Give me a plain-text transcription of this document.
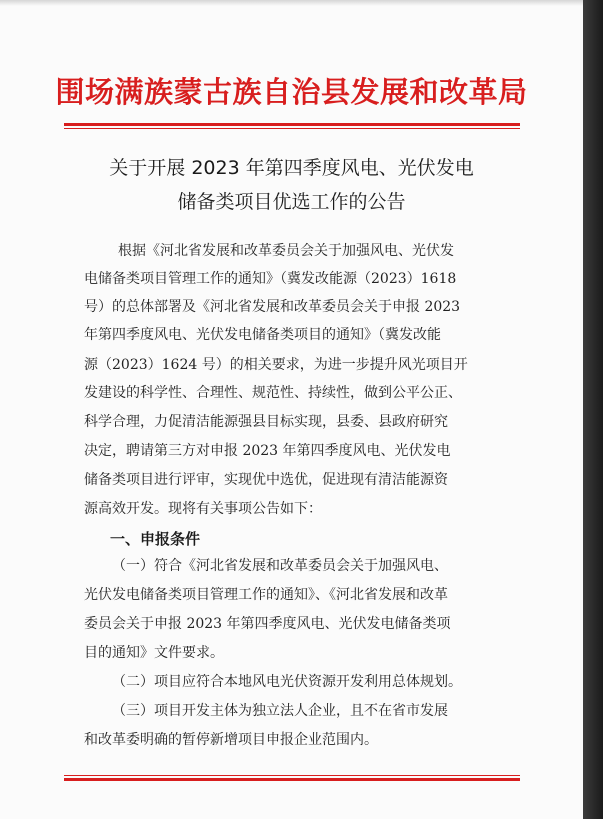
围场满族蒙古族自治县发展和改革局
关于开展 2023 年第四季度风电、光伏发电
储备类项目优选工作的公告
根据《河北省发展和改革委员会关于加强风电、光伏发
电储备类项目管理工作的通知》（冀发改能源（2023）1618
号）的总体部署及《河北省发展和改革委员会关于申报 2023
年第四季度风电、光伏发电储备类项目的通知》（冀发改能
源（2023）1624 号）的相关要求，为进一步提升风光项目开
发建设的科学性、合理性、规范性、持续性，做到公平公正、
科学合理，力促清洁能源强县目标实现，县委、县政府研究
决定，聘请第三方对申报 2023 年第四季度风电、光伏发电
储备类项目进行评审，实现优中选优，促进现有清洁能源资
源高效开发。现将有关事项公告如下：
一、申报条件
（一）符合《河北省发展和改革委员会关于加强风电、
光伏发电储备类项目管理工作的通知》、《河北省发展和改革
委员会关于申报 2023 年第四季度风电、光伏发电储备类项
目的通知》文件要求。
（二）项目应符合本地风电光伏资源开发利用总体规划。
（三）项目开发主体为独立法人企业，且不在省市发展
和改革委明确的暂停新增项目申报企业范围内。
